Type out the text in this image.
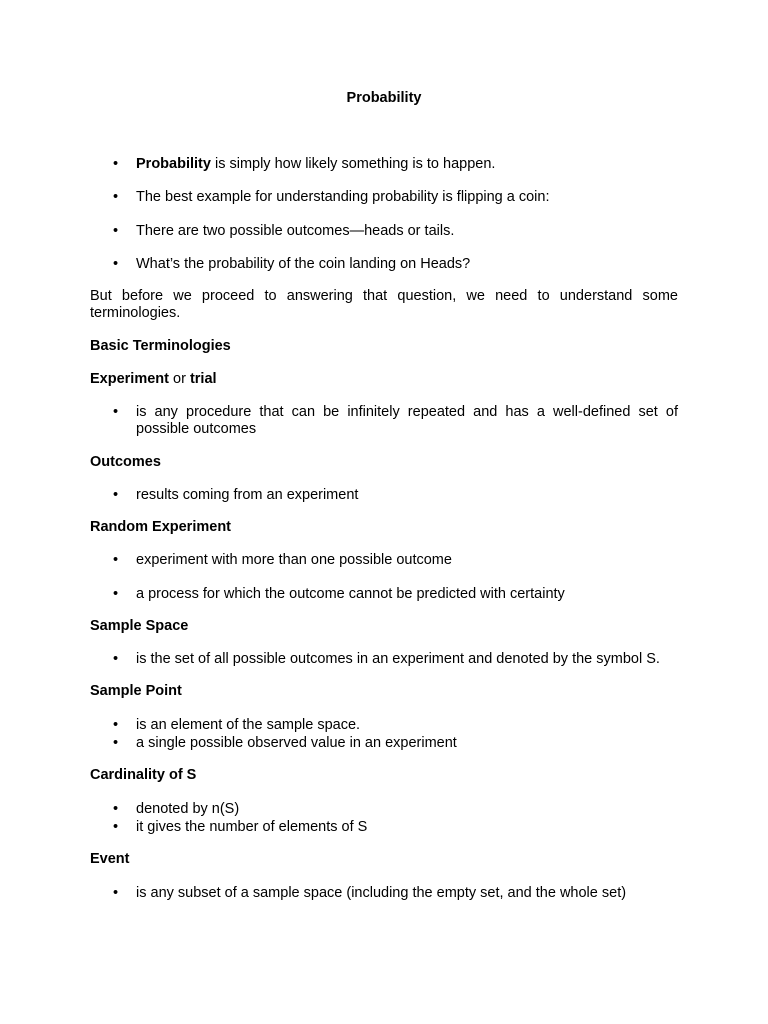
Probability
•	Probability is simply how likely something is to happen.
•	The best example for understanding probability is flipping a coin:
•	There are two possible outcomes—heads or tails.
•	What’s the probability of the coin landing on Heads?
But before we proceed to answering that question, we need to understand some
terminologies.
Basic Terminologies
Experiment or trial
•	is any procedure that can be infinitely repeated and has a well-defined set of possible outcomes
Outcomes
•	results coming from an experiment
Random Experiment
•	experiment with more than one possible outcome
•	a process for which the outcome cannot be predicted with certainty
Sample Space
•	is the set of all possible outcomes in an experiment and denoted by the symbol S.
Sample Point
•	is an element of the sample space.
•	a single possible observed value in an experiment
Cardinality of S
•	denoted by n(S)
•	it gives the number of elements of S
Event
•	is any subset of a sample space (including the empty set, and the whole set)
